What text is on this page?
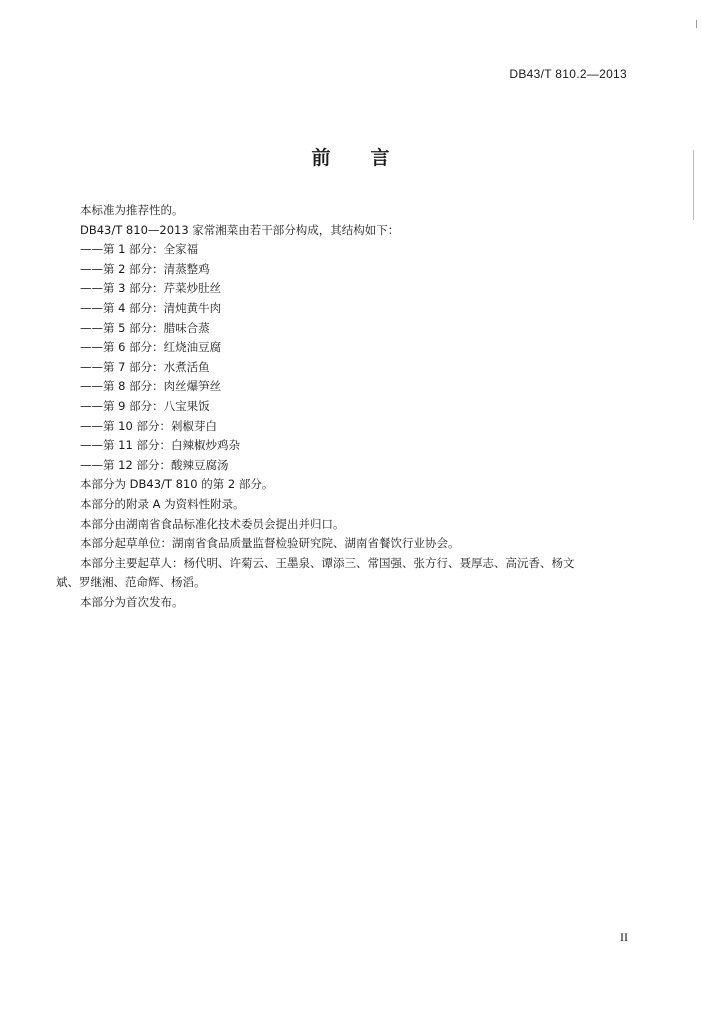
DB43/T 810.2—2013
前言
本标准为推荐性的。
DB43/T 810—2013 家常湘菜由若干部分构成，其结构如下：
——第 1 部分：全家福
——第 2 部分：清蒸整鸡
——第 3 部分：芹菜炒肚丝
——第 4 部分：清炖黄牛肉
——第 5 部分：腊味合蒸
——第 6 部分：红烧油豆腐
——第 7 部分：水煮活鱼
——第 8 部分：肉丝爆笋丝
——第 9 部分：八宝果饭
——第 10 部分：剁椒芽白
——第 11 部分：白辣椒炒鸡杂
——第 12 部分：酸辣豆腐汤
本部分为 DB43/T 810 的第 2 部分。
本部分的附录 A 为资料性附录。
本部分由湖南省食品标准化技术委员会提出并归口。
本部分起草单位：湖南省食品质量监督检验研究院、湖南省餐饮行业协会。
本部分主要起草人：杨代明、许菊云、王墨泉、谭添三、常国强、张方行、聂厚志、高沅香、杨文
斌、罗继湘、范命辉、杨滔。
本部分为首次发布。
II
